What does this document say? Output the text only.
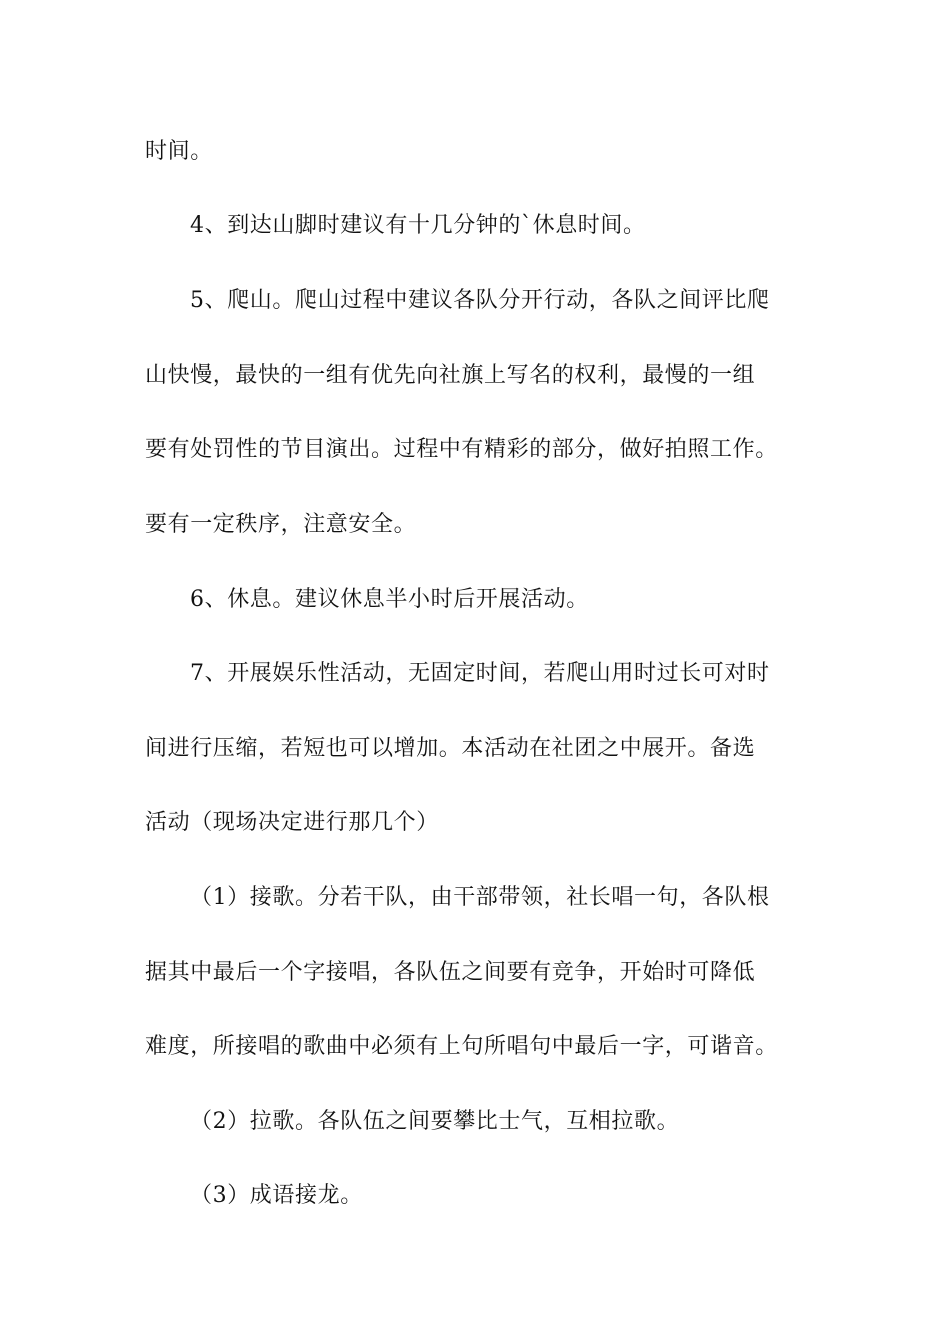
时间。
4、到达山脚时建议有十几分钟的`休息时间。
5、爬山。爬山过程中建议各队分开行动，各队之间评比爬
山快慢，最快的一组有优先向社旗上写名的权利，最慢的一组
要有处罚性的节目演出。过程中有精彩的部分，做好拍照工作。
要有一定秩序，注意安全。
6、休息。建议休息半小时后开展活动。
7、开展娱乐性活动，无固定时间，若爬山用时过长可对时
间进行压缩，若短也可以增加。本活动在社团之中展开。备选
活动（现场决定进行那几个）
（1）接歌。分若干队，由干部带领，社长唱一句，各队根
据其中最后一个字接唱，各队伍之间要有竞争，开始时可降低
难度，所接唱的歌曲中必须有上句所唱句中最后一字，可谐音。
（2）拉歌。各队伍之间要攀比士气，互相拉歌。
（3）成语接龙。
